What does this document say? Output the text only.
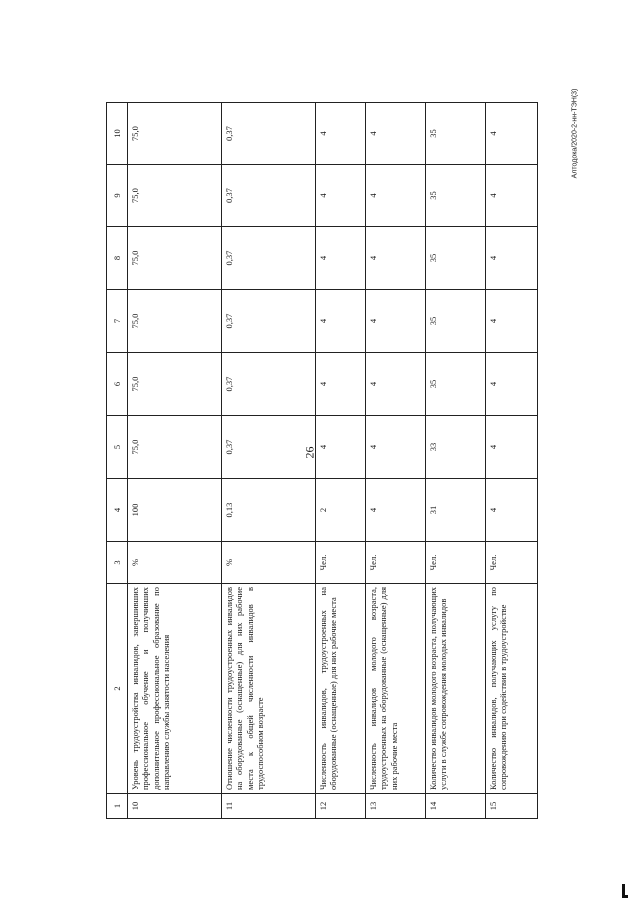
26
Алтодока/2020-2-нн-ТЭН(3)
1	2	3	4	5	6	7	8	9	10
10	Уровень трудоустройства инвалидов, завершивших профессиональное обучение и получивших дополнительное профессиональное образование по направлению службы занятости населения	%	100	75,0	75,0	75,0	75,0	75,0	75,0
11	Отношение численности трудоустроенных инвалидов на оборудованные (оснащенные) для них рабочие места к общей численности инвалидов в трудоспособном возрасте	%	0,13	0,37	0,37	0,37	0,37	0,37	0,37
12	Численность инвалидов, трудоустроенных на оборудованные (оснащенные) для них рабочие места	Чел.	2	4	4	4	4	4	4
13	Численность инвалидов молодого возраста, трудоустроенных на оборудованные (оснащенные) для них рабочие места	Чел.	4	4	4	4	4	4	4
14	Количество инвалидов молодого возраста, получающих услуги в службе сопровождения молодых инвалидов	Чел.	31	33	35	35	35	35	35
15	Количество инвалидов, получающих услугу по сопровождению при содействии в трудоустройстве	Чел.	4	4	4	4	4	4	4
